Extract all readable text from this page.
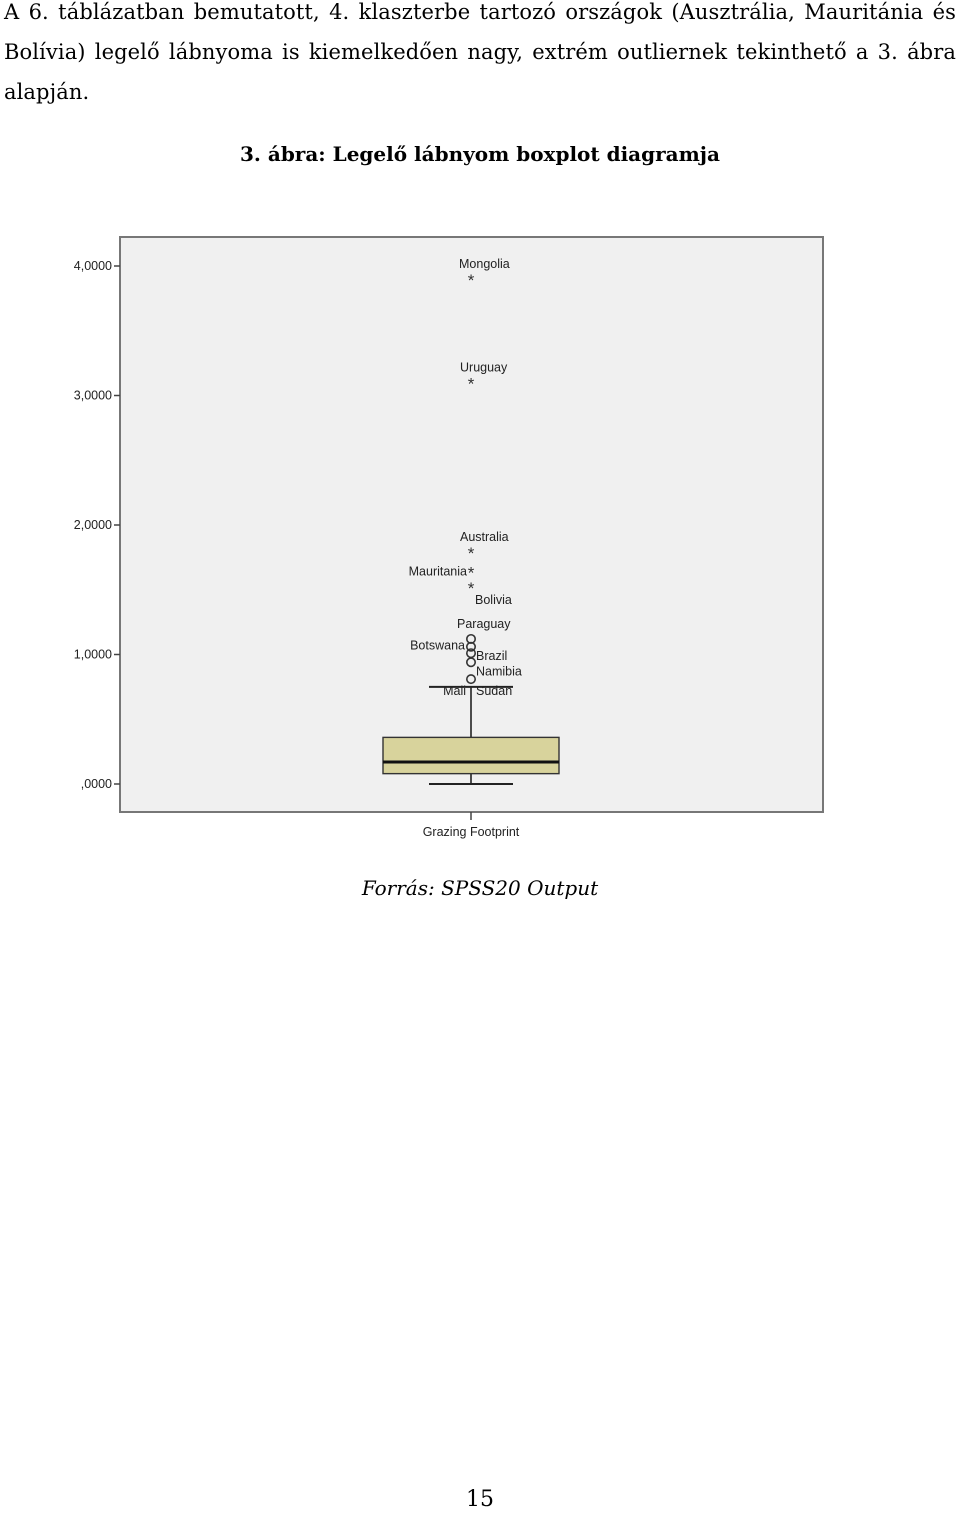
A 6. táblázatban bemutatott, 4. klaszterbe tartozó országok (Ausztrália, Mauritánia és Bolívia) legelő lábnyoma is kiemelkedően nagy, extrém outliernek tekinthető a 3. ábra alapján.

3. ábra: Legelő lábnyom boxplot diagramja

,0000
1,0000
2,0000
3,0000
4,0000
Grazing Footprint
Paraguay
Botswana
Brazil
Namibia
Mali Sudan
*
Mongolia
*
Uruguay
*
Australia
*
Mauritania
*
Bolivia

Forrás: SPSS20 Output

15
